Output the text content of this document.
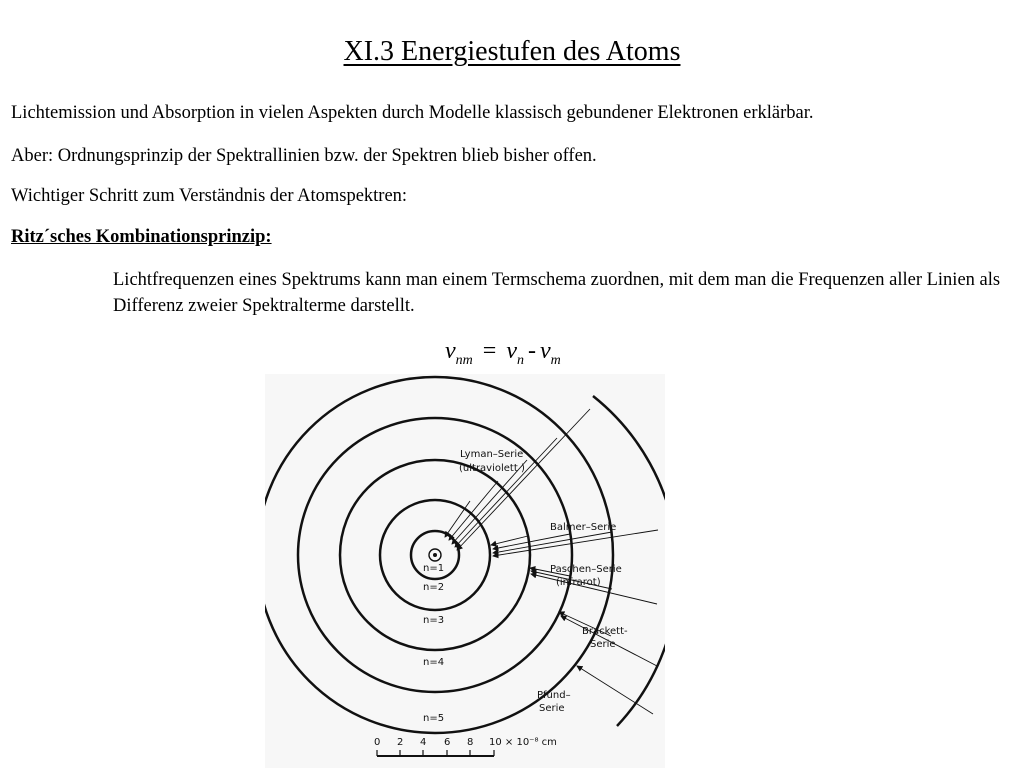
XI.3 Energiestufen des Atoms
Lichtemission und Absorption in vielen Aspekten durch Modelle klassisch gebundener Elektronen erklärbar.
Aber: Ordnungsprinzip der Spektrallinien bzw. der Spektren blieb bisher offen.
Wichtiger Schritt zum Verständnis der Atomspektren:
Ritz´sches Kombinationsprinzip:
Lichtfrequenzen eines Spektrums kann man einem Termschema zuordnen, mit dem man die Frequenzen aller Linien als Differenz zweier Spektralterme darstellt.
$\nu_{nm} = \nu_n - \nu_m$
Lyman–Serie
(ultraviolett )
Balmer–Serie
Paschen–Serie
(infrarot)
Brackett-
Serie
Pfund–
Serie
n=1
n=2
n=3
n=4
n=5
0 2 4 6 8 10 × 10⁻⁸ cm
